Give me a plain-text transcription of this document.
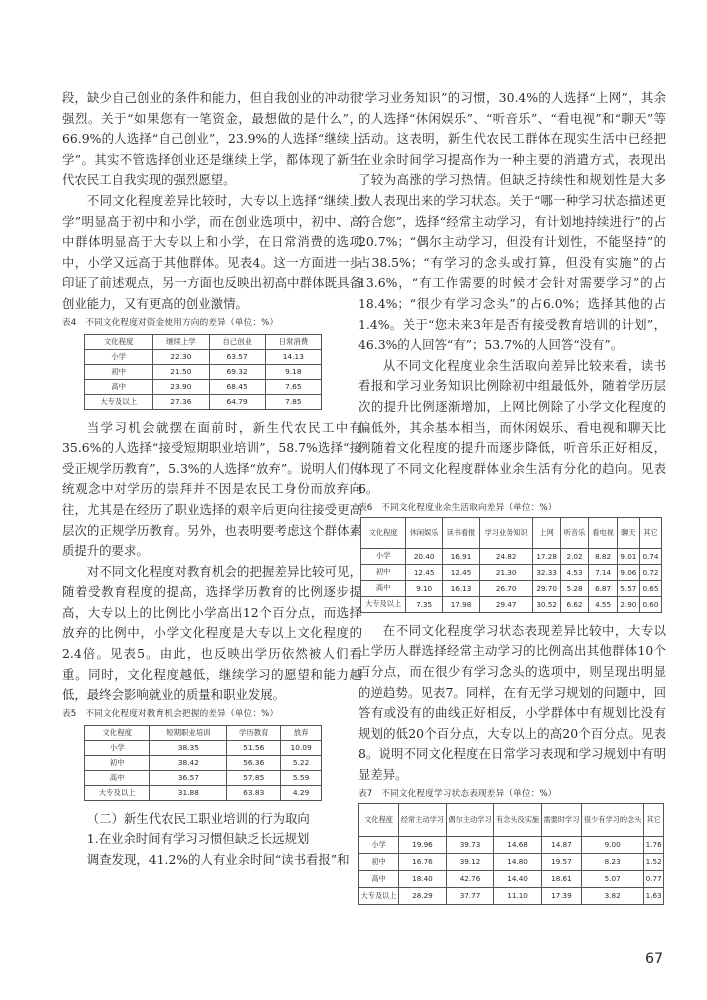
段，缺少自己创业的条件和能力，但自我创业的冲动很强烈。关于“如果您有一笔资金，最想做的是什么”，66.9%的人选择“自己创业”，23.9%的人选择“继续上学”。其实不管选择创业还是继续上学，都体现了新生代农民工自我实现的强烈愿望。

不同文化程度差异比较时，大专以上选择“继续上学”明显高于初中和小学，而在创业选项中，初中、高中群体明显高于大专以上和小学，在日常消费的选项中，小学又远高于其他群体。见表4。这一方面进一步印证了前述观点，另一方面也反映出初高中群体既具备创业能力，又有更高的创业激情。

表4　不同文化程度对资金使用方向的差异（单位：%）
文化程度	继续上学	自己创业	日常消费
小学	22.30	63.57	14.13
初中	21.50	69.32	9.18
高中	23.90	68.45	7.65
大专及以上	27.36	64.79	7.85

当学习机会就摆在面前时，新生代农民工中有35.6%的人选择“接受短期职业培训”，58.7%选择“接受正规学历教育”，5.3%的人选择“放弃”。说明人们传统观念中对学历的崇拜并不因是农民工身份而放弃向往，尤其是在经历了职业选择的艰辛后更向往接受更高层次的正规学历教育。另外，也表明要考虑这个群体素质提升的要求。

对不同文化程度对教育机会的把握差异比较可见，随着受教育程度的提高，选择学历教育的比例逐步提高，大专以上的比例比小学高出12个百分点，而选择放弃的比例中，小学文化程度是大专以上文化程度的2.4倍。见表5。由此，也反映出学历依然被人们看重。同时，文化程度越低，继续学习的愿望和能力越低，最终会影响就业的质量和职业发展。

表5　不同文化程度对教育机会把握的差异（单位：%）
文化程度	短期职业培训	学历教育	放弃
小学	38.35	51.56	10.09
初中	38.42	56.36	5.22
高中	36.57	57.85	5.59
大专及以上	31.88	63.83	4.29

（二）新生代农民工职业培训的行为取向

1.在业余时间有学习习惯但缺乏长远规划

调查发现，41.2%的人有业余时间“读书看报”和

“学习业务知识”的习惯，30.4%的人选择“上网”，其余的人选择“休闲娱乐”、“听音乐”、“看电视”和“聊天”等活动。这表明，新生代农民工群体在现实生活中已经把在业余时间学习提高作为一种主要的消遣方式，表现出了较为高涨的学习热情。但缺乏持续性和规划性是大多数人表现出来的学习状态。关于“哪一种学习状态描述更符合您”，选择“经常主动学习，有计划地持续进行”的占20.7%；“偶尔主动学习，但没有计划性，不能坚持”的占38.5%；“有学习的念头或打算，但没有实施”的占13.6%，“有工作需要的时候才会针对需要学习”的占18.4%；“很少有学习念头”的占6.0%；选择其他的占1.4%。关于“您未来3年是否有接受教育培训的计划”，46.3%的人回答“有”；53.7%的人回答“没有”。

从不同文化程度业余生活取向差异比较来看，读书看报和学习业务知识比例除初中组最低外，随着学历层次的提升比例逐渐增加，上网比例除了小学文化程度的偏低外，其余基本相当，而休闲娱乐、看电视和聊天比例随着文化程度的提升而逐步降低，听音乐正好相反，体现了不同文化程度群体业余生活有分化的趋向。见表6。

表6　不同文化程度业余生活取向差异（单位：%）
文化程度	休闲娱乐	读书看报	学习业务知识	上网	听音乐	看电视	聊天	其它
小学	20.40	16.91	24.82	17.28	2.02	8.82	9.01	0.74
初中	12.45	12.45	21.30	32.33	4.53	7.14	9.06	0.72
高中	9.10	16.13	26.70	29.70	5.28	6.87	5.57	0.65
大专及以上	7.35	17.98	29.47	30.52	6.62	4.55	2.90	0.60

在不同文化程度学习状态表现差异比较中，大专以上学历人群选择经常主动学习的比例高出其他群体10个百分点，而在很少有学习念头的选项中，则呈现出明显的逆趋势。见表7。同样，在有无学习规划的问题中，回答有或没有的曲线正好相反，小学群体中有规划比没有规划的低20个百分点，大专以上的高20个百分点。见表8。说明不同文化程度在日常学习表现和学习规划中有明显差异。

表7　不同文化程度学习状态表现差异（单位：%）
文化程度	经常主动学习	偶尔主动学习	有念头没实施	需要时学习	很少有学习的念头	其它
小学	19.96	39.73	14.68	14.87	9.00	1.76
初中	16.76	39.12	14.80	19.57	8.23	1.52
高中	18.40	42.76	14.40	18.61	5.07	0.77
大专及以上	28.29	37.77	11.10	17.39	3.82	1.63
67
